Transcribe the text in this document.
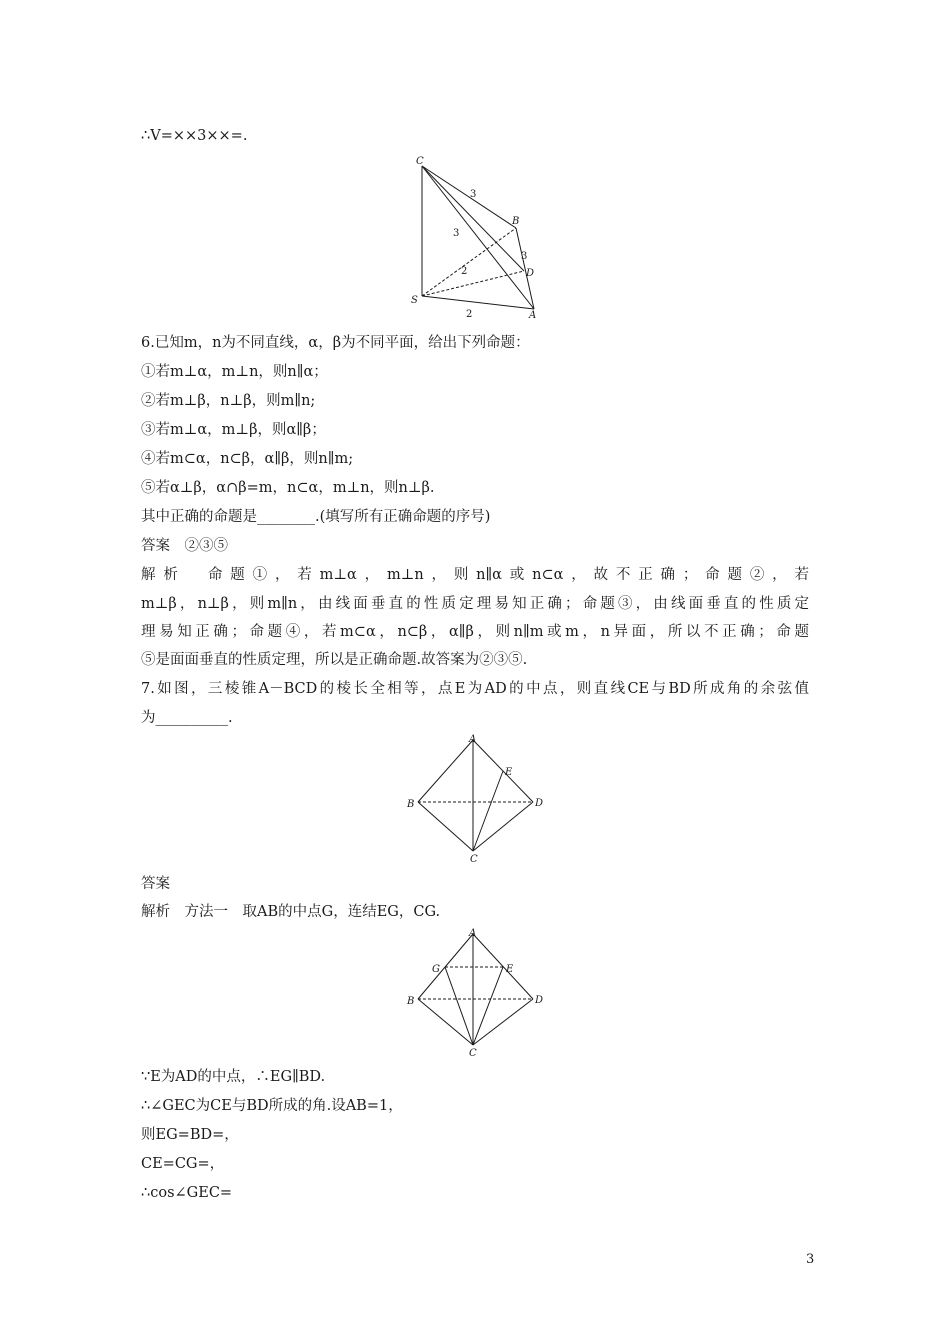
∴V=××3××=.
C
B
D
S
A
3
3
3
2
2
6.已知m，n为不同直线，α，β为不同平面，给出下列命题：
①若m⊥α，m⊥n，则n∥α；
②若m⊥β，n⊥β，则m∥n;
③若m⊥α，m⊥β，则α∥β；
④若m⊂α，n⊂β，α∥β，则n∥m;
⑤若α⊥β，α∩β=m，n⊂α，m⊥n，则n⊥β.
其中正确的命题是________.(填写所有正确命题的序号)
答案　②③⑤
解析　命题①，若m⊥α，m⊥n，则n∥α或n⊂α，故不正确；命题②，若
m⊥β，n⊥β，则m∥n，由线面垂直的性质定理易知正确；命题③，由线面垂直的性质定
理易知正确；命题④，若m⊂α，n⊂β，α∥β，则n∥m或m，n异面，所以不正确；命题
⑤是面面垂直的性质定理，所以是正确命题.故答案为②③⑤.
7.如图，三棱锥A－BCD的棱长全相等，点E为AD的中点，则直线CE与BD所成角的余弦值
为__________.
A
E
B	D
C
答案
解析　方法一　取AB的中点G，连结EG，CG.
A
G	E
B	D
C
∵E为AD的中点，∴EG∥BD.
∴∠GEC为CE与BD所成的角.设AB=1，
则EG=BD=，
CE=CG=，
∴cos∠GEC=
3
